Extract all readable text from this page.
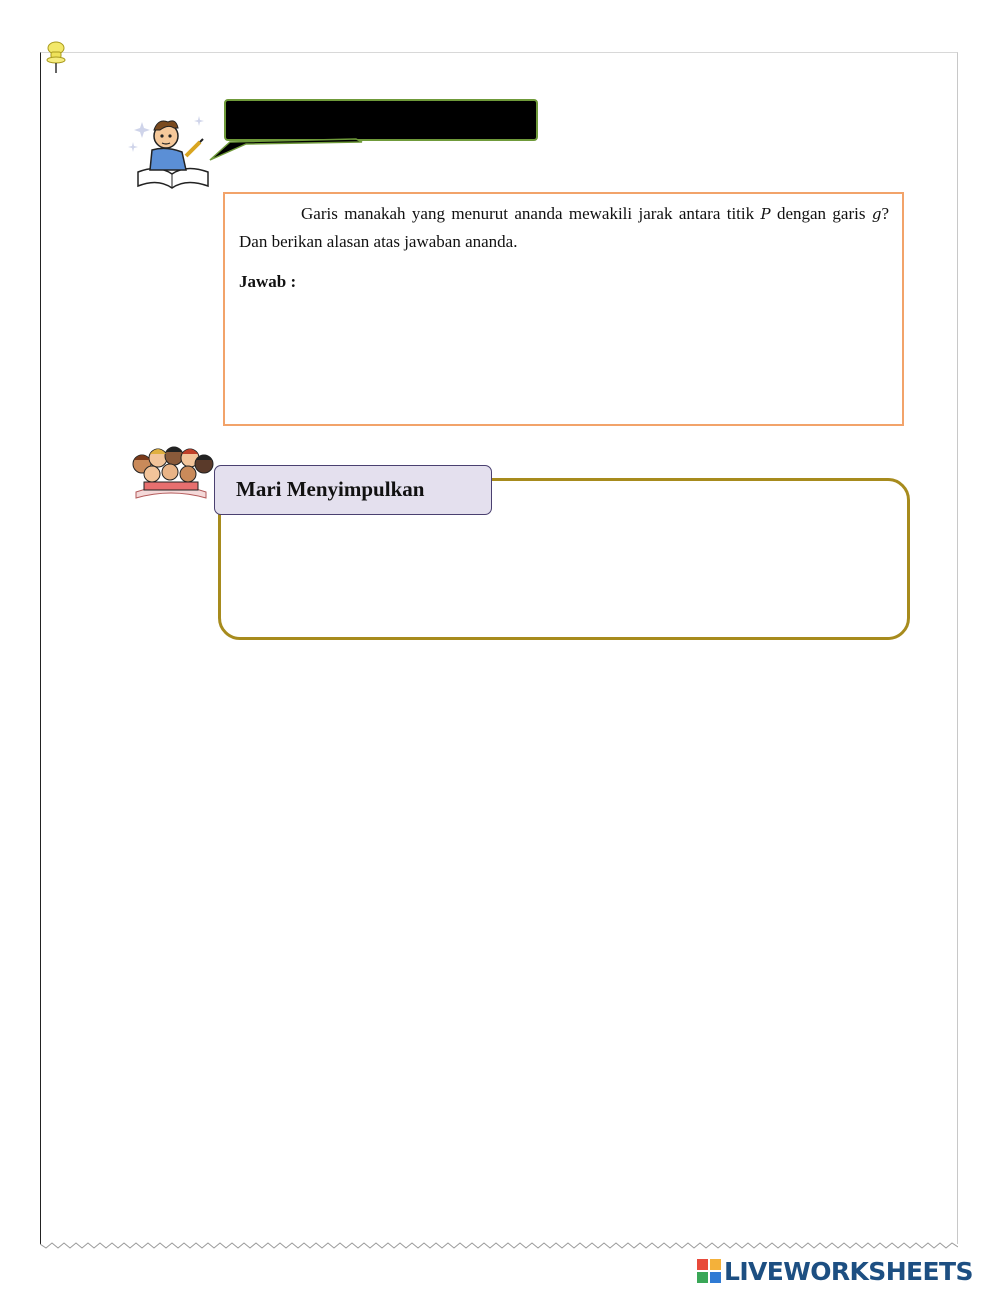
Garis manakah yang menurut ananda mewakili jarak antara titik P dengan garis g? Dan berikan alasan atas jawaban ananda.

Jawab :
Mari Menyimpulkan
LIVEWORKSHEETS
